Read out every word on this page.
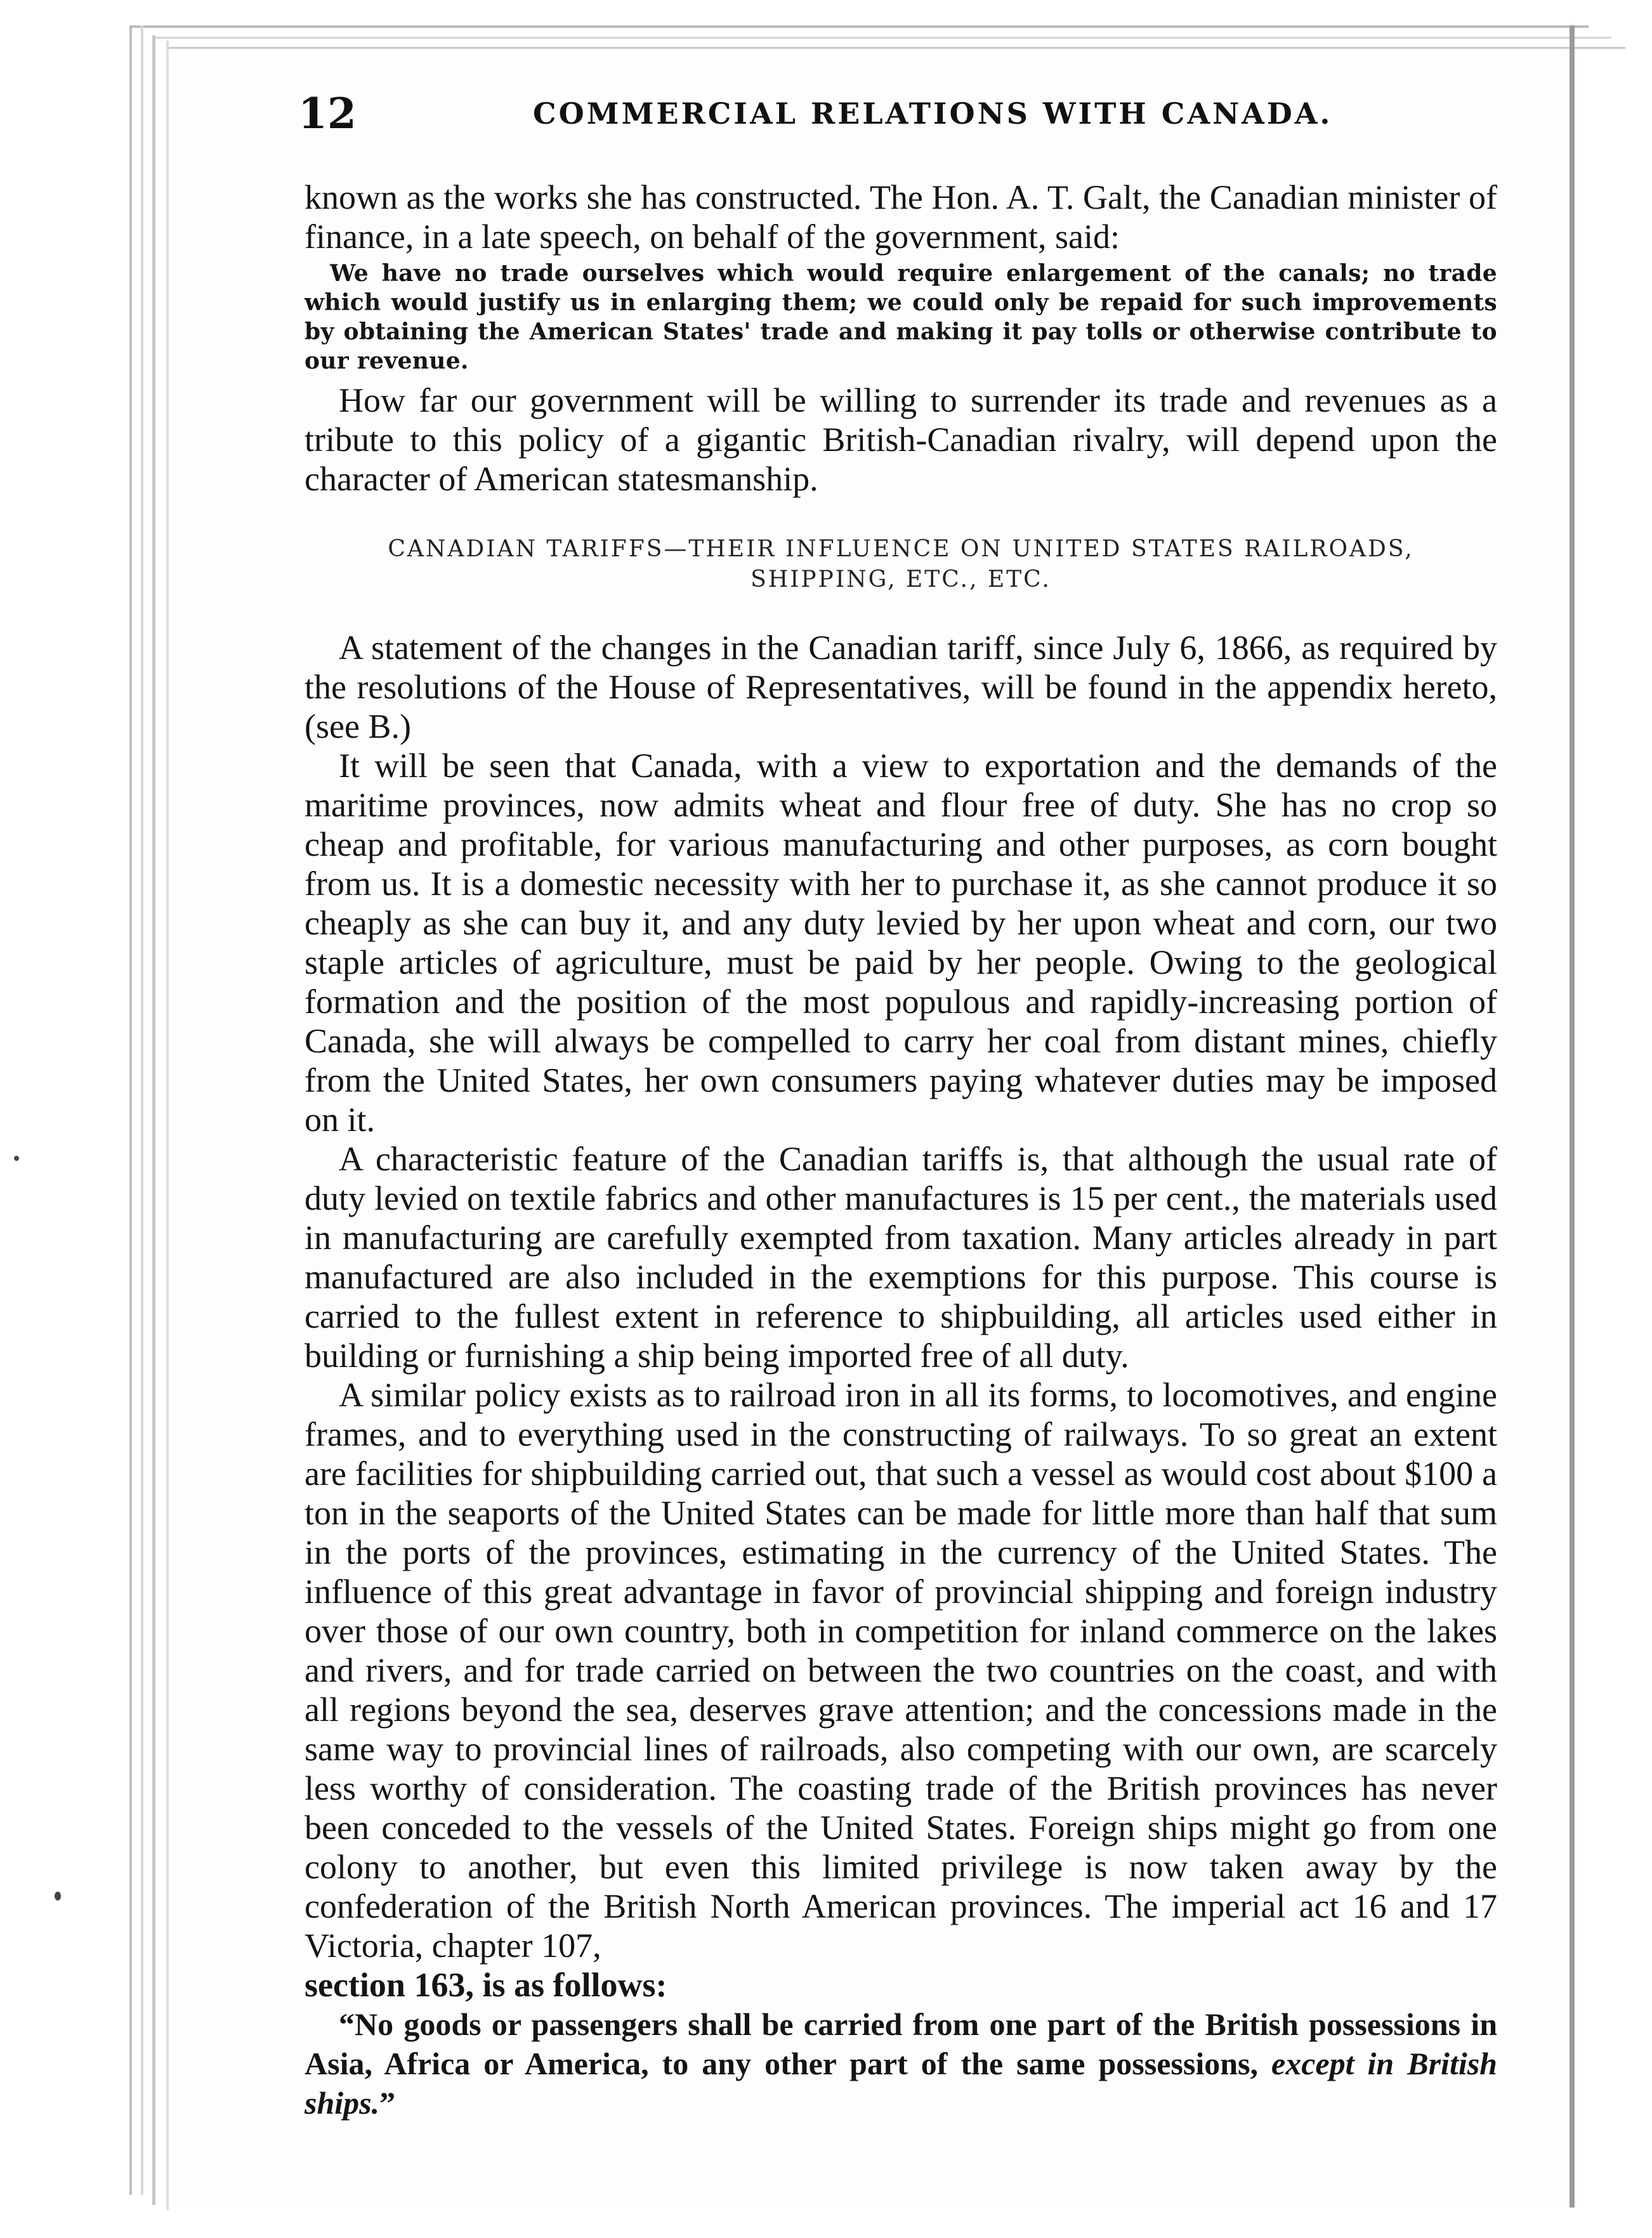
12	COMMERCIAL RELATIONS WITH CANADA.

known as the works she has constructed. The Hon. A. T. Galt, the Canadian minister of finance, in a late speech, on behalf of the government, said:

We have no trade ourselves which would require enlargement of the canals; no trade which would justify us in enlarging them; we could only be repaid for such improvements by obtaining the American States' trade and making it pay tolls or otherwise contribute to our revenue.

How far our government will be willing to surrender its trade and revenues as a tribute to this policy of a gigantic British-Canadian rivalry, will depend upon the character of American statesmanship.

CANADIAN TARIFFS—THEIR INFLUENCE ON UNITED STATES RAILROADS,
SHIPPING, ETC., ETC.

A statement of the changes in the Canadian tariff, since July 6, 1866, as required by the resolutions of the House of Representatives, will be found in the appendix hereto, (see B.)

It will be seen that Canada, with a view to exportation and the demands of the maritime provinces, now admits wheat and flour free of duty. She has no crop so cheap and profitable, for various manufacturing and other purposes, as corn bought from us. It is a domestic necessity with her to purchase it, as she cannot produce it so cheaply as she can buy it, and any duty levied by her upon wheat and corn, our two staple articles of agriculture, must be paid by her people. Owing to the geological formation and the position of the most populous and rapidly-increasing portion of Canada, she will always be compelled to carry her coal from distant mines, chiefly from the United States, her own consumers paying whatever duties may be imposed on it.

A characteristic feature of the Canadian tariffs is, that although the usual rate of duty levied on textile fabrics and other manufactures is 15 per cent., the materials used in manufacturing are carefully exempted from taxation. Many articles already in part manufactured are also included in the exemptions for this purpose. This course is carried to the fullest extent in reference to shipbuilding, all articles used either in building or furnishing a ship being imported free of all duty.

A similar policy exists as to railroad iron in all its forms, to locomotives, and engine frames, and to everything used in the constructing of railways. To so great an extent are facilities for shipbuilding carried out, that such a vessel as would cost about $100 a ton in the seaports of the United States can be made for little more than half that sum in the ports of the provinces, estimating in the currency of the United States. The influence of this great advantage in favor of provincial shipping and foreign industry over those of our own country, both in competition for inland commerce on the lakes and rivers, and for trade carried on between the two countries on the coast, and with all regions beyond the sea, deserves grave attention; and the concessions made in the same way to provincial lines of railroads, also competing with our own, are scarcely less worthy of consideration. The coasting trade of the British provinces has never been conceded to the vessels of the United States. Foreign ships might go from one colony to another, but even this limited privilege is now taken away by the confederation of the British North American provinces. The imperial act 16 and 17 Victoria, chapter 107,

section 163, is as follows:

“No goods or passengers shall be carried from one part of the British possessions in Asia, Africa or America, to any other part of the same possessions, except in British ships.”
